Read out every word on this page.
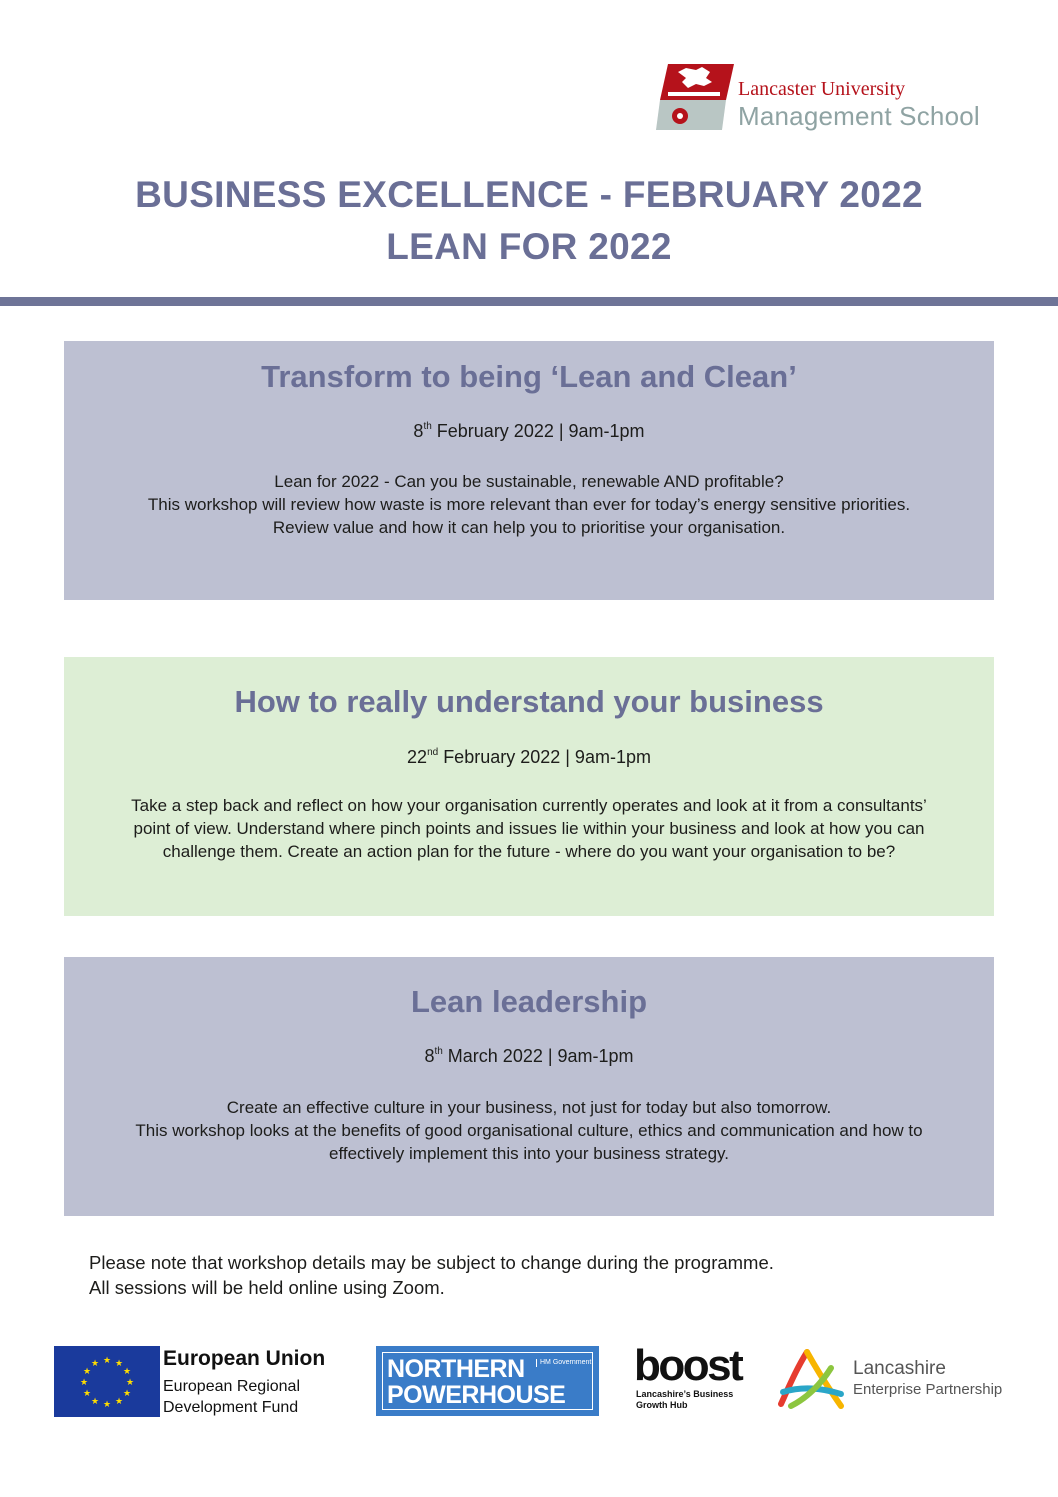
Lancaster University
Management School
BUSINESS EXCELLENCE - FEBRUARY 2022
LEAN FOR 2022
Transform to being ‘Lean and Clean’
8th February 2022 | 9am-1pm
Lean for 2022 - Can you be sustainable, renewable AND profitable?
This workshop will review how waste is more relevant than ever for today’s energy sensitive priorities.
Review value and how it can help you to prioritise your organisation.
How to really understand your business
22nd February 2022 | 9am-1pm
Take a step back and reflect on how your organisation currently operates and look at it from a consultants’
point of view. Understand where pinch points and issues lie within your business and look at how you can
challenge them. Create an action plan for the future - where do you want your organisation to be?
Lean leadership
8th March 2022 | 9am-1pm
Create an effective culture in your business, not just for today but also tomorrow.
This workshop looks at the benefits of good organisational culture, ethics and communication and how to
effectively implement this into your business strategy.
Please note that workshop details may be subject to change during the programme.
All sessions will be held online using Zoom.
★ ★
★
★
★
★
★
★
★
★
★
★	European Union
European Regional
Development Fund
NORTHERN
POWERHOUSE
HM Government boost
Lancashire’s Business
Growth Hub
Lancashire
Enterprise Partnership
